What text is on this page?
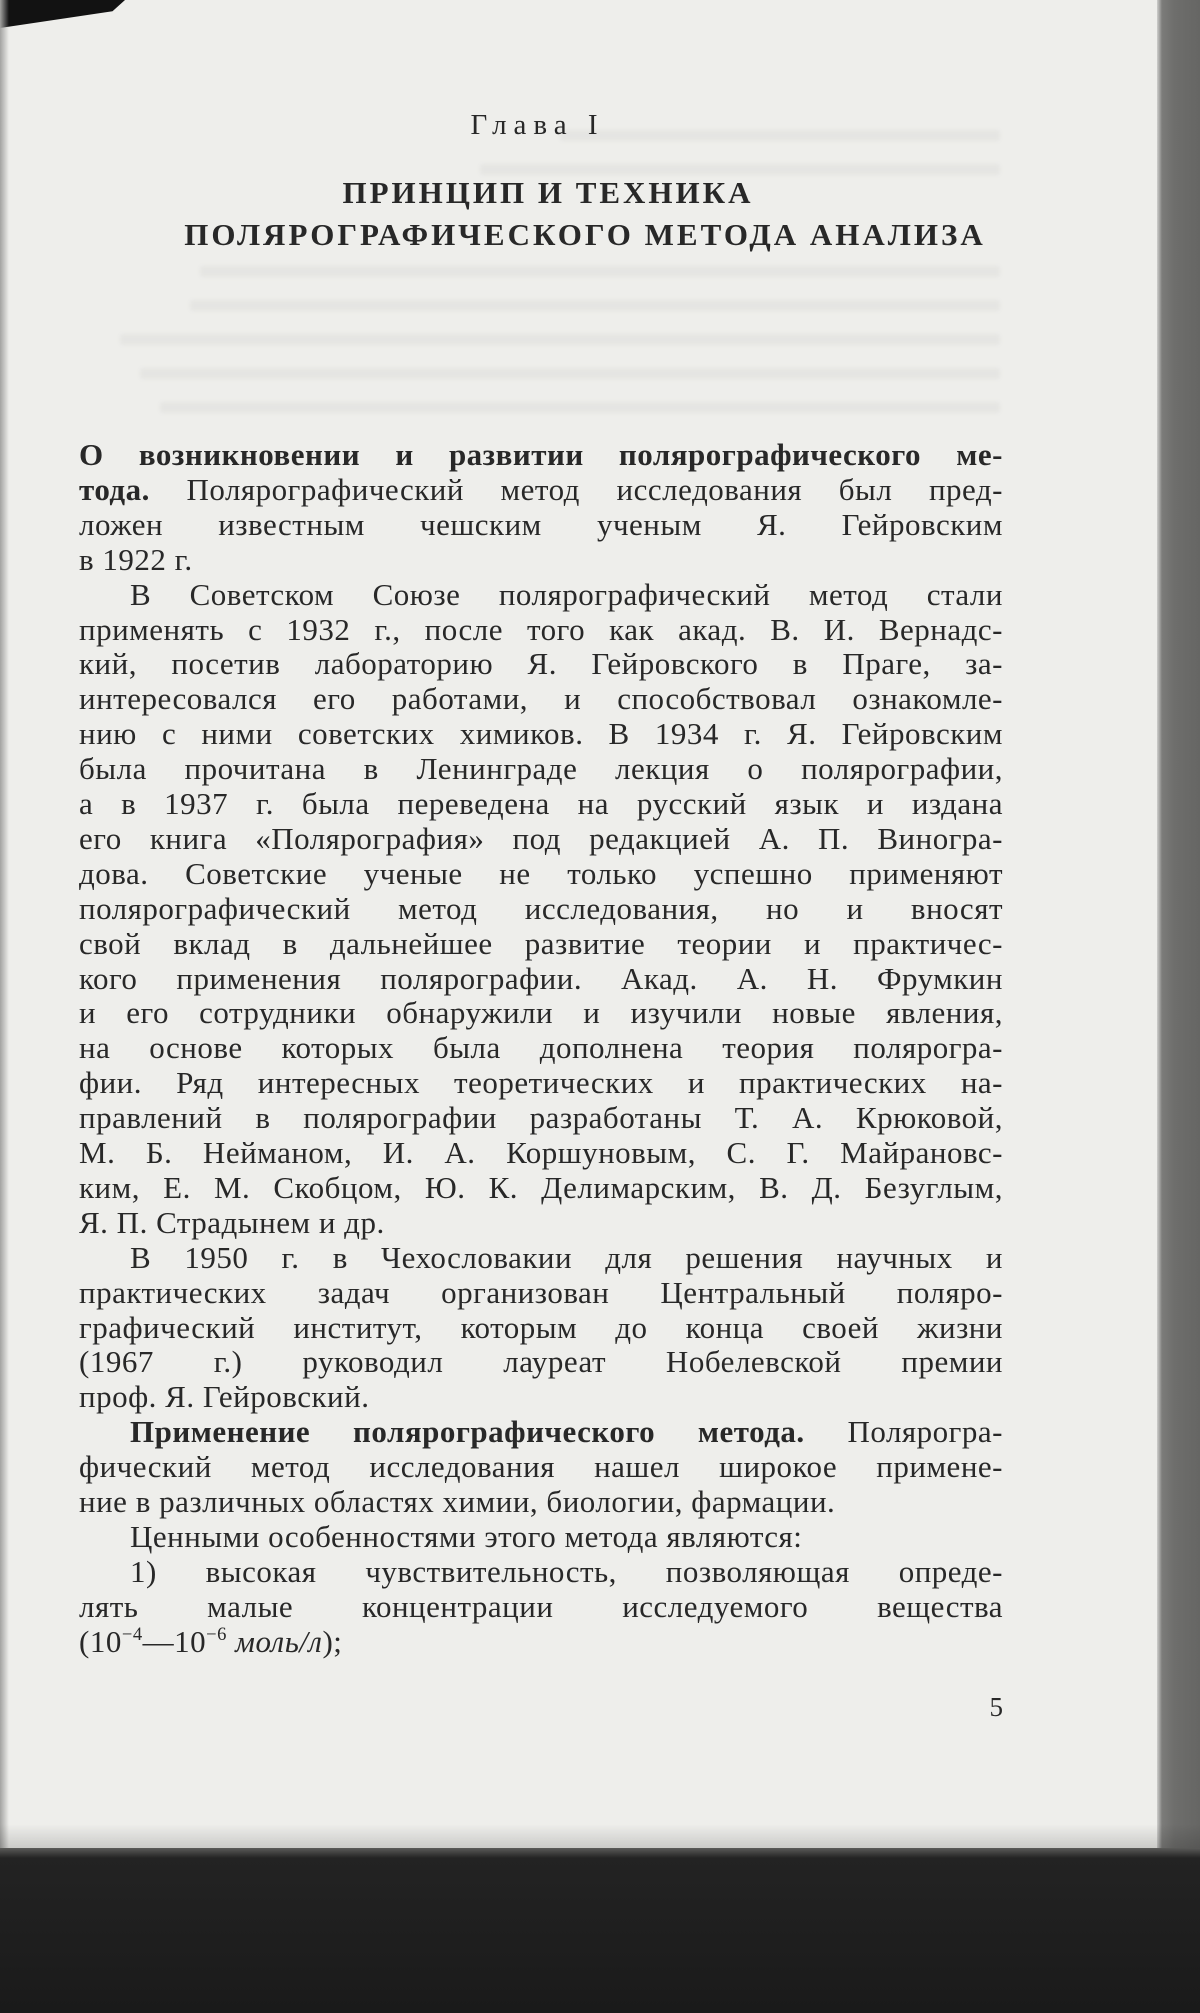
Глава I
ПРИНЦИП И ТЕХНИКА
ПОЛЯРОГРАФИЧЕСКОГО МЕТОДА АНАЛИЗА
О возникновении и развитии полярографического ме-
тода. Полярографический метод исследования был пред-
ложен известным чешским ученым Я. Гейровским
в 1922 г.
В Советском Союзе полярографический метод стали
применять с 1932 г., после того как акад. В. И. Вернадс-
кий, посетив лабораторию Я. Гейровского в Праге, за-
интересовался его работами, и способствовал ознакомле-
нию с ними советских химиков. В 1934 г. Я. Гейровским
была прочитана в Ленинграде лекция о полярографии,
а в 1937 г. была переведена на русский язык и издана
его книга «Полярография» под редакцией А. П. Виногра-
дова. Советские ученые не только успешно применяют
полярографический метод исследования, но и вносят
свой вклад в дальнейшее развитие теории и практичес-
кого применения полярографии. Акад. А. Н. Фрумкин
и его сотрудники обнаружили и изучили новые явления,
на основе которых была дополнена теория полярогра-
фии. Ряд интересных теоретических и практических на-
правлений в полярографии разработаны Т. А. Крюковой,
М. Б. Нейманом, И. А. Коршуновым, С. Г. Майрановс-
ким, Е. М. Скобцом, Ю. К. Делимарским, В. Д. Безуглым,
Я. П. Страдынем и др.
В 1950 г. в Чехословакии для решения научных и
практических задач организован Центральный поляро-
графический институт, которым до конца своей жизни
(1967 г.) руководил лауреат Нобелевской премии
проф. Я. Гейровский.
Применение полярографического метода. Полярогра-
фический метод исследования нашел широкое примене-
ние в различных областях химии, биологии, фармации.
Ценными особенностями этого метода являются:
1) высокая чувствительность, позволяющая опреде-
лять малые концентрации исследуемого вещества
($10^{-4}—10^{-6}$ моль/л);
5
